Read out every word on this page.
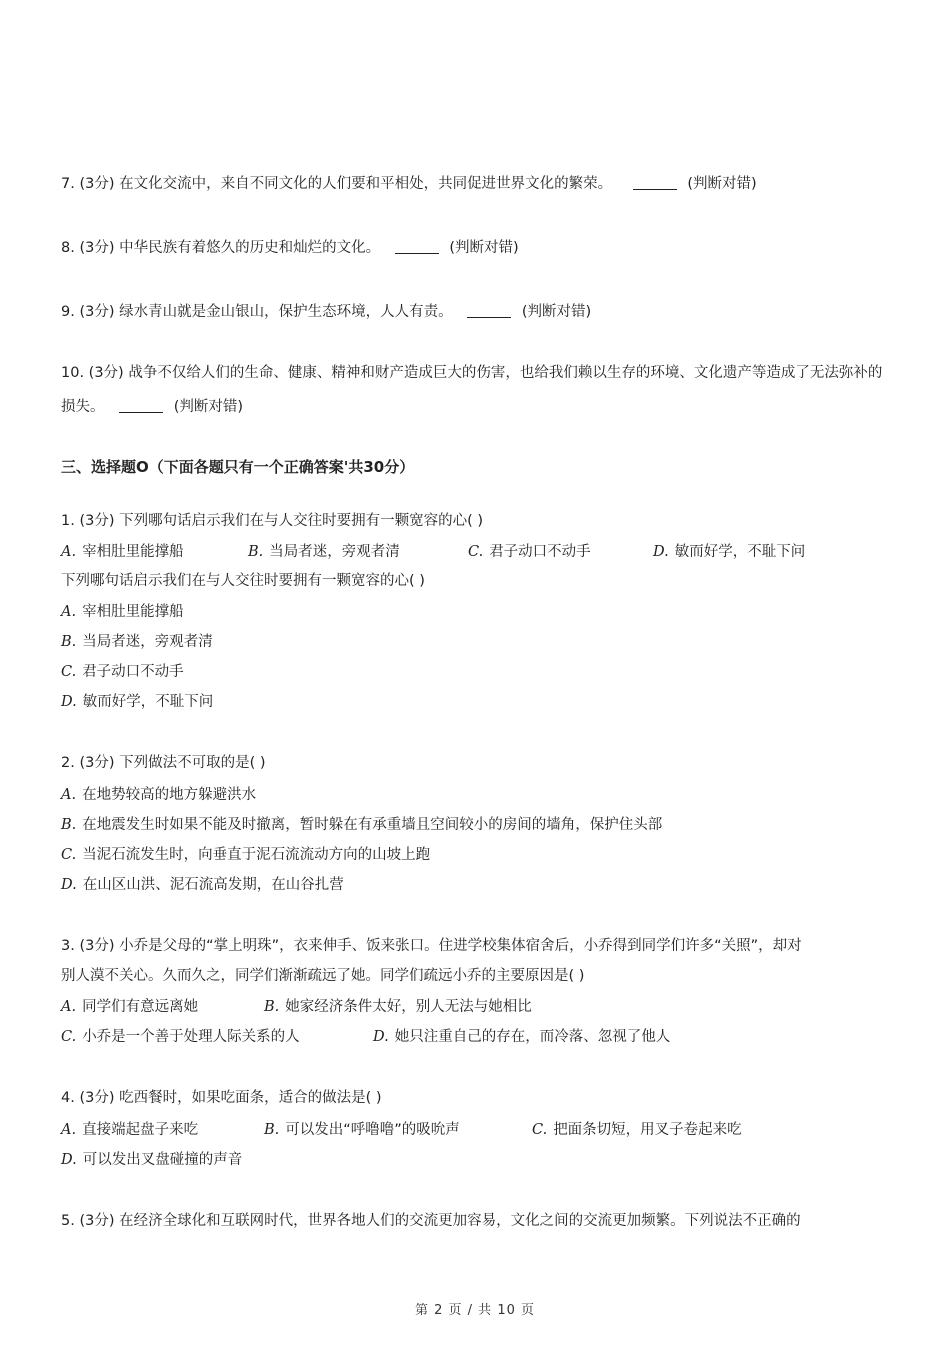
7. (3分) 在文化交流中，来自不同文化的人们要和平相处，共同促进世界文化的繁荣。	(判断对错)
8. (3分) 中华民族有着悠久的历史和灿烂的文化。	(判断对错)
9. (3分) 绿水青山就是金山银山，保护生态环境，人人有责。	(判断对错)
10. (3分) 战争不仅给人们的生命、健康、精神和财产造成巨大的伤害，也给我们赖以生存的环境、文化遗产等造成了无法弥补的损失。	(判断对错)
三、选择题O（下面各题只有一个正确答案'共30分）
1. (3分) 下列哪句话启示我们在与人交往时要拥有一颗宽容的心( )
A. 宰相肚里能撑船	B. 当局者迷，旁观者清	C. 君子动口不动手	D. 敏而好学，不耻下问
下列哪句话启示我们在与人交往时要拥有一颗宽容的心( )
A. 宰相肚里能撑船
B. 当局者迷，旁观者清
C. 君子动口不动手
D. 敏而好学，不耻下问
2. (3分) 下列做法不可取的是( )
A. 在地势较高的地方躲避洪水
B. 在地震发生时如果不能及时撤离，暂时躲在有承重墙且空间较小的房间的墙角，保护住头部
C. 当泥石流发生时，向垂直于泥石流流动方向的山坡上跑
D. 在山区山洪、泥石流高发期，在山谷扎营
3. (3分) 小乔是父母的“掌上明珠”，衣来伸手、饭来张口。住进学校集体宿舍后，小乔得到同学们许多“关照”，却对
别人漠不关心。久而久之，同学们渐渐疏远了她。同学们疏远小乔的主要原因是( )
A. 同学们有意远离她	B. 她家经济条件太好，别人无法与她相比
C. 小乔是一个善于处理人际关系的人	D. 她只注重自己的存在，而冷落、忽视了他人
4. (3分) 吃西餐时，如果吃面条，适合的做法是( )
A. 直接端起盘子来吃	B. 可以发出“呼噜噜”的吸吮声	C. 把面条切短，用叉子卷起来吃
D. 可以发出叉盘碰撞的声音
5. (3分) 在经济全球化和互联网时代，世界各地人们的交流更加容易，文化之间的交流更加频繁。下列说法不正确的
第 2 页 / 共 10 页
